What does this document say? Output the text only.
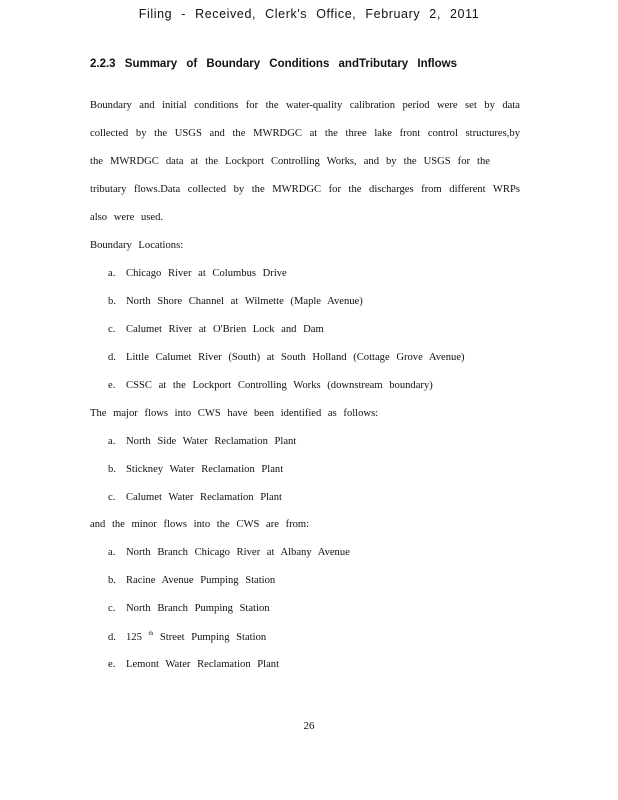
Filing - Received, Clerk's Office, February 2, 2011
2.2.3 Summary of Boundary Conditions andTributary Inflows
Boundary and initial conditions for the water-quality calibration period were set by data
collected by the USGS and the MWRDGC at the three lake front control structures,by
the MWRDGC data at the Lockport Controlling Works, and by the USGS for the
tributary flows.Data collected by the MWRDGC for the discharges from different WRPs
also were used.
Boundary Locations:
a. Chicago River at Columbus Drive
b. North Shore Channel at Wilmette (Maple Avenue)
c. Calumet River at O'Brien Lock and Dam
d. Little Calumet River (South) at South Holland (Cottage Grove Avenue)
e. CSSC at the Lockport Controlling Works (downstream boundary)
The major flows into CWS have been identified as follows:
a. North Side Water Reclamation Plant
b. Stickney Water Reclamation Plant
c. Calumet Water Reclamation Plant
and the minor flows into the CWS are from:
a. North Branch Chicago River at Albany Avenue
b. Racine Avenue Pumping Station
c. North Branch Pumping Station
d. 125 $^{th}$ Street Pumping Station
e. Lemont Water Reclamation Plant
26
